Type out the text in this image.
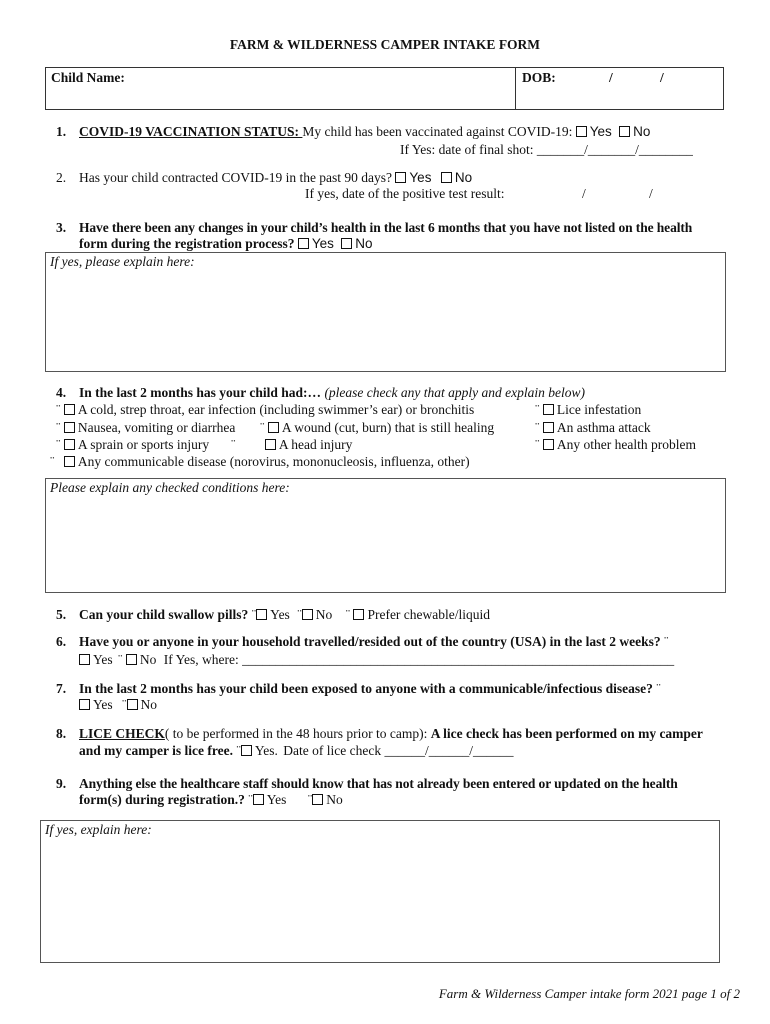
FARM & WILDERNESS CAMPER INTAKE FORM
Child Name:	DOB:	/	/
1. COVID-19 VACCINATION STATUS: My child has been vaccinated against COVID-19: Yes No
If Yes: date of final shot: _______/_______/________
2. Has your child contracted COVID-19 in the past 90 days? Yes No
If yes, date of the positive test result:	/	/
3. Have there been any changes in your child’s health in the last 6 months that you have not listed on the health
form during the registration process? Yes No
If yes, please explain here:
4. In the last 2 months has your child had:… (please check any that apply and explain below)
¨ A cold, strep throat, ear infection (including swimmer’s ear) or bronchitis	¨ Lice infestation
¨ Nausea, vomiting or diarrhea ¨ A wound (cut, burn) that is still healing	¨ An asthma attack
¨ A sprain or sports injury ¨	A head injury	¨ Any other health problem
¨ Any communicable disease (norovirus, mononucleosis, influenza, other)
Please explain any checked conditions here:
5. Can your child swallow pills? ¨ Yes ¨ No ¨ Prefer chewable/liquid
6. Have you or anyone in your household travelled/resided out of the country (USA) in the last 2 weeks? ¨
Yes ¨ No If Yes, where: ________________________________________________________________
7. In the last 2 months has your child been exposed to anyone with a communicable/infectious disease? ¨
Yes ¨ No
8. LICE CHECK( to be performed in the 48 hours prior to camp): A lice check has been performed on my camper
and my camper is lice free. ¨ Yes. Date of lice check ______/______/______
9. Anything else the healthcare staff should know that has not already been entered or updated on the health
form(s) during registration.? ¨ Yes ¨ No
If yes, explain here:
Farm & Wilderness Camper intake form 2021 page 1 of 2
